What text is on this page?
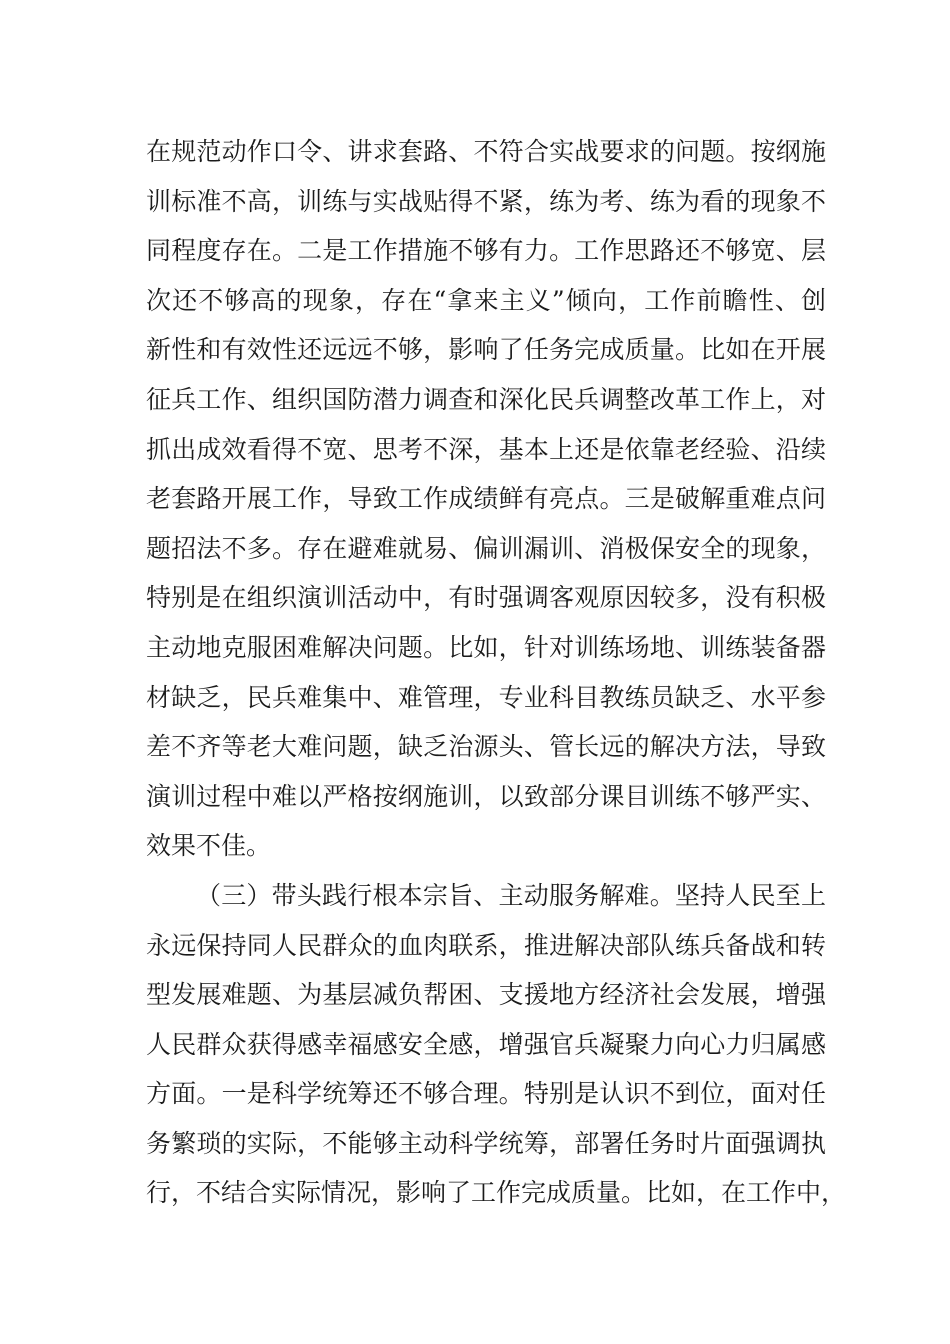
在规范动作口令、讲求套路、不符合实战要求的问题。按纲施
训标准不高，训练与实战贴得不紧，练为考、练为看的现象不
同程度存在。二是工作措施不够有力。工作思路还不够宽、层
次还不够高的现象，存在“拿来主义”倾向，工作前瞻性、创
新性和有效性还远远不够，影响了任务完成质量。比如在开展
征兵工作、组织国防潜力调查和深化民兵调整改革工作上，对
抓出成效看得不宽、思考不深，基本上还是依靠老经验、沿续
老套路开展工作，导致工作成绩鲜有亮点。三是破解重难点问
题招法不多。存在避难就易、偏训漏训、消极保安全的现象，
特别是在组织演训活动中，有时强调客观原因较多，没有积极
主动地克服困难解决问题。比如，针对训练场地、训练装备器
材缺乏，民兵难集中、难管理，专业科目教练员缺乏、水平参
差不齐等老大难问题，缺乏治源头、管长远的解决方法，导致
演训过程中难以严格按纲施训，以致部分课目训练不够严实、
效果不佳。
（三）带头践行根本宗旨、主动服务解难。坚持人民至上
永远保持同人民群众的血肉联系，推进解决部队练兵备战和转
型发展难题、为基层减负帮困、支援地方经济社会发展，增强
人民群众获得感幸福感安全感，增强官兵凝聚力向心力归属感
方面。一是科学统筹还不够合理。特别是认识不到位，面对任
务繁琐的实际，不能够主动科学统筹，部署任务时片面强调执
行，不结合实际情况，影响了工作完成质量。比如，在工作中，
